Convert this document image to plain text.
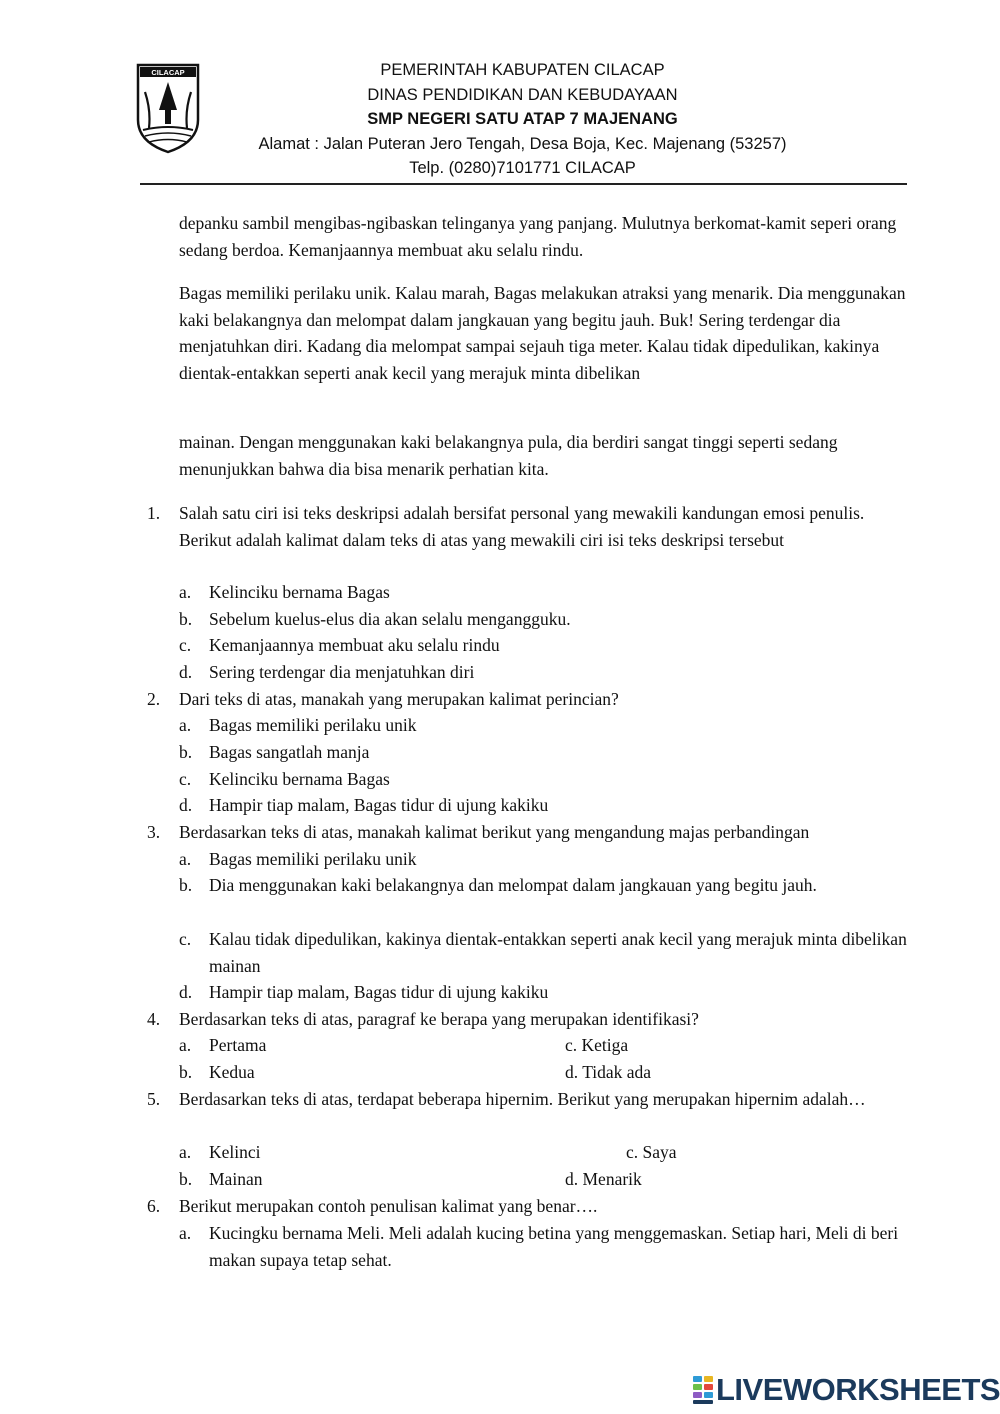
CILACAP	PEMERINTAH KABUPATEN CILACAP
DINAS PENDIDIKAN DAN KEBUDAYAAN
SMP NEGERI SATU ATAP 7 MAJENANG
Alamat : Jalan Puteran Jero Tengah, Desa Boja, Kec. Majenang (53257)
Telp. (0280)7101771 CILACAP
depanku sambil mengibas-ngibaskan telinganya yang panjang. Mulutnya berkomat-kamit seperi orang sedang berdoa. Kemanjaannya membuat aku selalu rindu.
Bagas memiliki perilaku unik. Kalau marah, Bagas melakukan atraksi yang menarik. Dia menggunakan kaki belakangnya dan melompat dalam jangkauan yang begitu jauh. Buk! Sering terdengar dia menjatuhkan diri. Kadang dia melompat sampai sejauh tiga meter. Kalau tidak dipedulikan, kakinya dientak-entakkan seperti anak kecil yang merajuk minta dibelikan
mainan. Dengan menggunakan kaki belakangnya pula, dia berdiri sangat tinggi seperti sedang menunjukkan bahwa dia bisa menarik perhatian kita.
1. Salah satu ciri isi teks deskripsi adalah bersifat personal yang mewakili kandungan emosi penulis. Berikut adalah kalimat dalam teks di atas yang mewakili ciri isi teks deskripsi tersebut
a. Kelinciku bernama Bagas
b. Sebelum kuelus-elus dia akan selalu mengangguku.
c. Kemanjaannya membuat aku selalu rindu
d. Sering terdengar dia menjatuhkan diri
2. Dari teks di atas, manakah yang merupakan kalimat perincian?
a. Bagas memiliki perilaku unik
b. Bagas sangatlah manja
c. Kelinciku bernama Bagas
d. Hampir tiap malam, Bagas tidur di ujung kakiku
3. Berdasarkan teks di atas, manakah kalimat berikut yang mengandung majas perbandingan
a. Bagas memiliki perilaku unik
b. Dia menggunakan kaki belakangnya dan melompat dalam jangkauan yang begitu jauh.
c. Kalau tidak dipedulikan, kakinya dientak-entakkan seperti anak kecil yang merajuk minta dibelikan mainan
d. Hampir tiap malam, Bagas tidur di ujung kakiku
4. Berdasarkan teks di atas, paragraf ke berapa yang merupakan identifikasi?
a. Pertama	c. Ketiga
b. Kedua	d. Tidak ada
5. Berdasarkan teks di atas, terdapat beberapa hipernim. Berikut yang merupakan hipernim adalah…
a. Kelinci	c. Saya
b. Mainan	d. Menarik
6. Berikut merupakan contoh penulisan kalimat yang benar….
a. Kucingku bernama Meli. Meli adalah kucing betina yang menggemaskan. Setiap hari, Meli di beri makan supaya tetap sehat.
LIVEWORKSHEETS
